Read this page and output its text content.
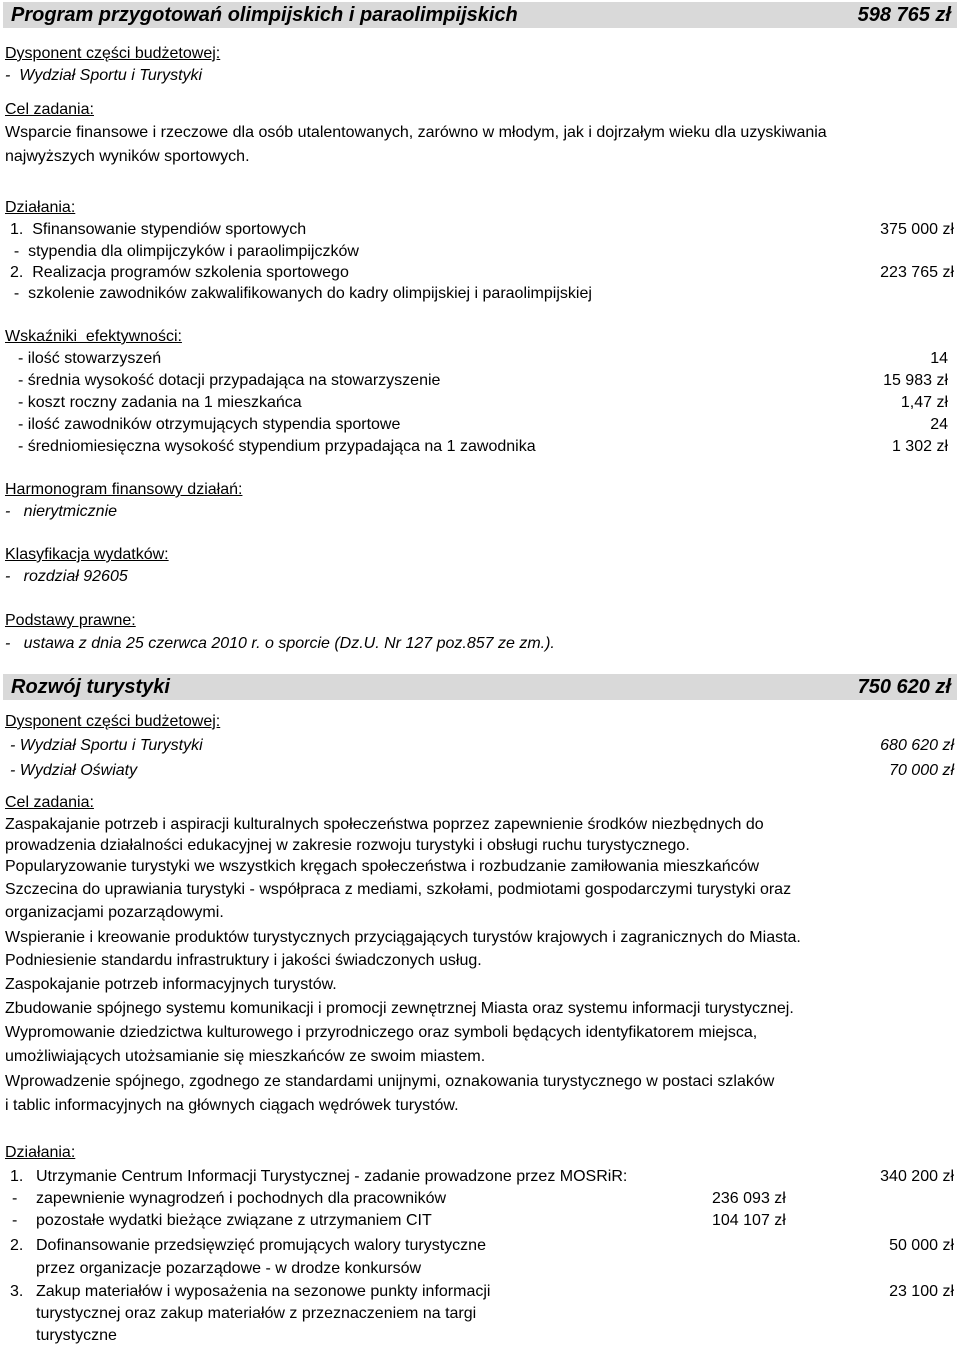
Program przygotowań olimpijskich i paraolimpijskich	598 765 zł
Dysponent części budżetowej:
-  Wydział Sportu i Turystyki
Cel zadania:
Wsparcie finansowe i rzeczowe dla osób utalentowanych, zarówno w młodym, jak i dojrzałym wieku dla uzyskiwania
najwyższych wyników sportowych.
Działania:
1.  Sfinansowanie stypendiów sportowych	375 000 zł
-  stypendia dla olimpijczyków i paraolimpijczków
2.  Realizacja programów szkolenia sportowego	223 765 zł
-  szkolenie zawodników zakwalifikowanych do kadry olimpijskiej i paraolimpijskiej
Wskaźniki  efektywności:
- ilość stowarzyszeń	14
- średnia wysokość dotacji przypadająca na stowarzyszenie	15 983 zł
- koszt roczny zadania na 1 mieszkańca	1,47 zł
- ilość zawodników otrzymujących stypendia sportowe	24
- średniomiesięczna wysokość stypendium przypadająca na 1 zawodnika	1 302 zł
Harmonogram finansowy działań:
-   nierytmicznie
Klasyfikacja wydatków:
-   rozdział 92605
Podstawy prawne:
-   ustawa z dnia 25 czerwca 2010 r. o sporcie (Dz.U. Nr 127 poz.857 ze zm.).
Rozwój turystyki	750 620 zł
Dysponent części budżetowej:
- Wydział Sportu i Turystyki	680 620 zł
- Wydział Oświaty	70 000 zł
Cel zadania:
Zaspakajanie potrzeb i aspiracji kulturalnych społeczeństwa poprzez zapewnienie środków niezbędnych do
prowadzenia działalności edukacyjnej w zakresie rozwoju turystyki i obsługi ruchu turystycznego.
Popularyzowanie turystyki we wszystkich kręgach społeczeństwa i rozbudzanie zamiłowania mieszkańców
Szczecina do uprawiania turystyki - współpraca z mediami, szkołami, podmiotami gospodarczymi turystyki oraz
organizacjami pozarządowymi.
Wspieranie i kreowanie produktów turystycznych przyciągających turystów krajowych i zagranicznych do Miasta.
Podniesienie standardu infrastruktury i jakości świadczonych usług.
Zaspokajanie potrzeb informacyjnych turystów.
Zbudowanie spójnego systemu komunikacji i promocji zewnętrznej Miasta oraz systemu informacji turystycznej.
Wypromowanie dziedzictwa kulturowego i przyrodniczego oraz symboli będących identyfikatorem miejsca,
umożliwiających utożsamianie się mieszkańców ze swoim miastem.
Wprowadzenie spójnego, zgodnego ze standardami unijnymi, oznakowania turystycznego w postaci szlaków
i tablic informacyjnych na głównych ciągach wędrówek turystów.
Działania:
1. Utrzymanie Centrum Informacji Turystycznej - zadanie prowadzone przez MOSRiR:	340 200 zł
- zapewnienie wynagrodzeń i pochodnych dla pracowników	236 093 zł
- pozostałe wydatki bieżące związane z utrzymaniem CIT	104 107 zł
2. Dofinansowanie przedsięwzięć promujących walory turystyczne	50 000 zł
przez organizacje pozarządowe - w drodze konkursów
3. Zakup materiałów i wyposażenia na sezonowe punkty informacji	23 100 zł
turystycznej oraz zakup materiałów z przeznaczeniem na targi
turystyczne
